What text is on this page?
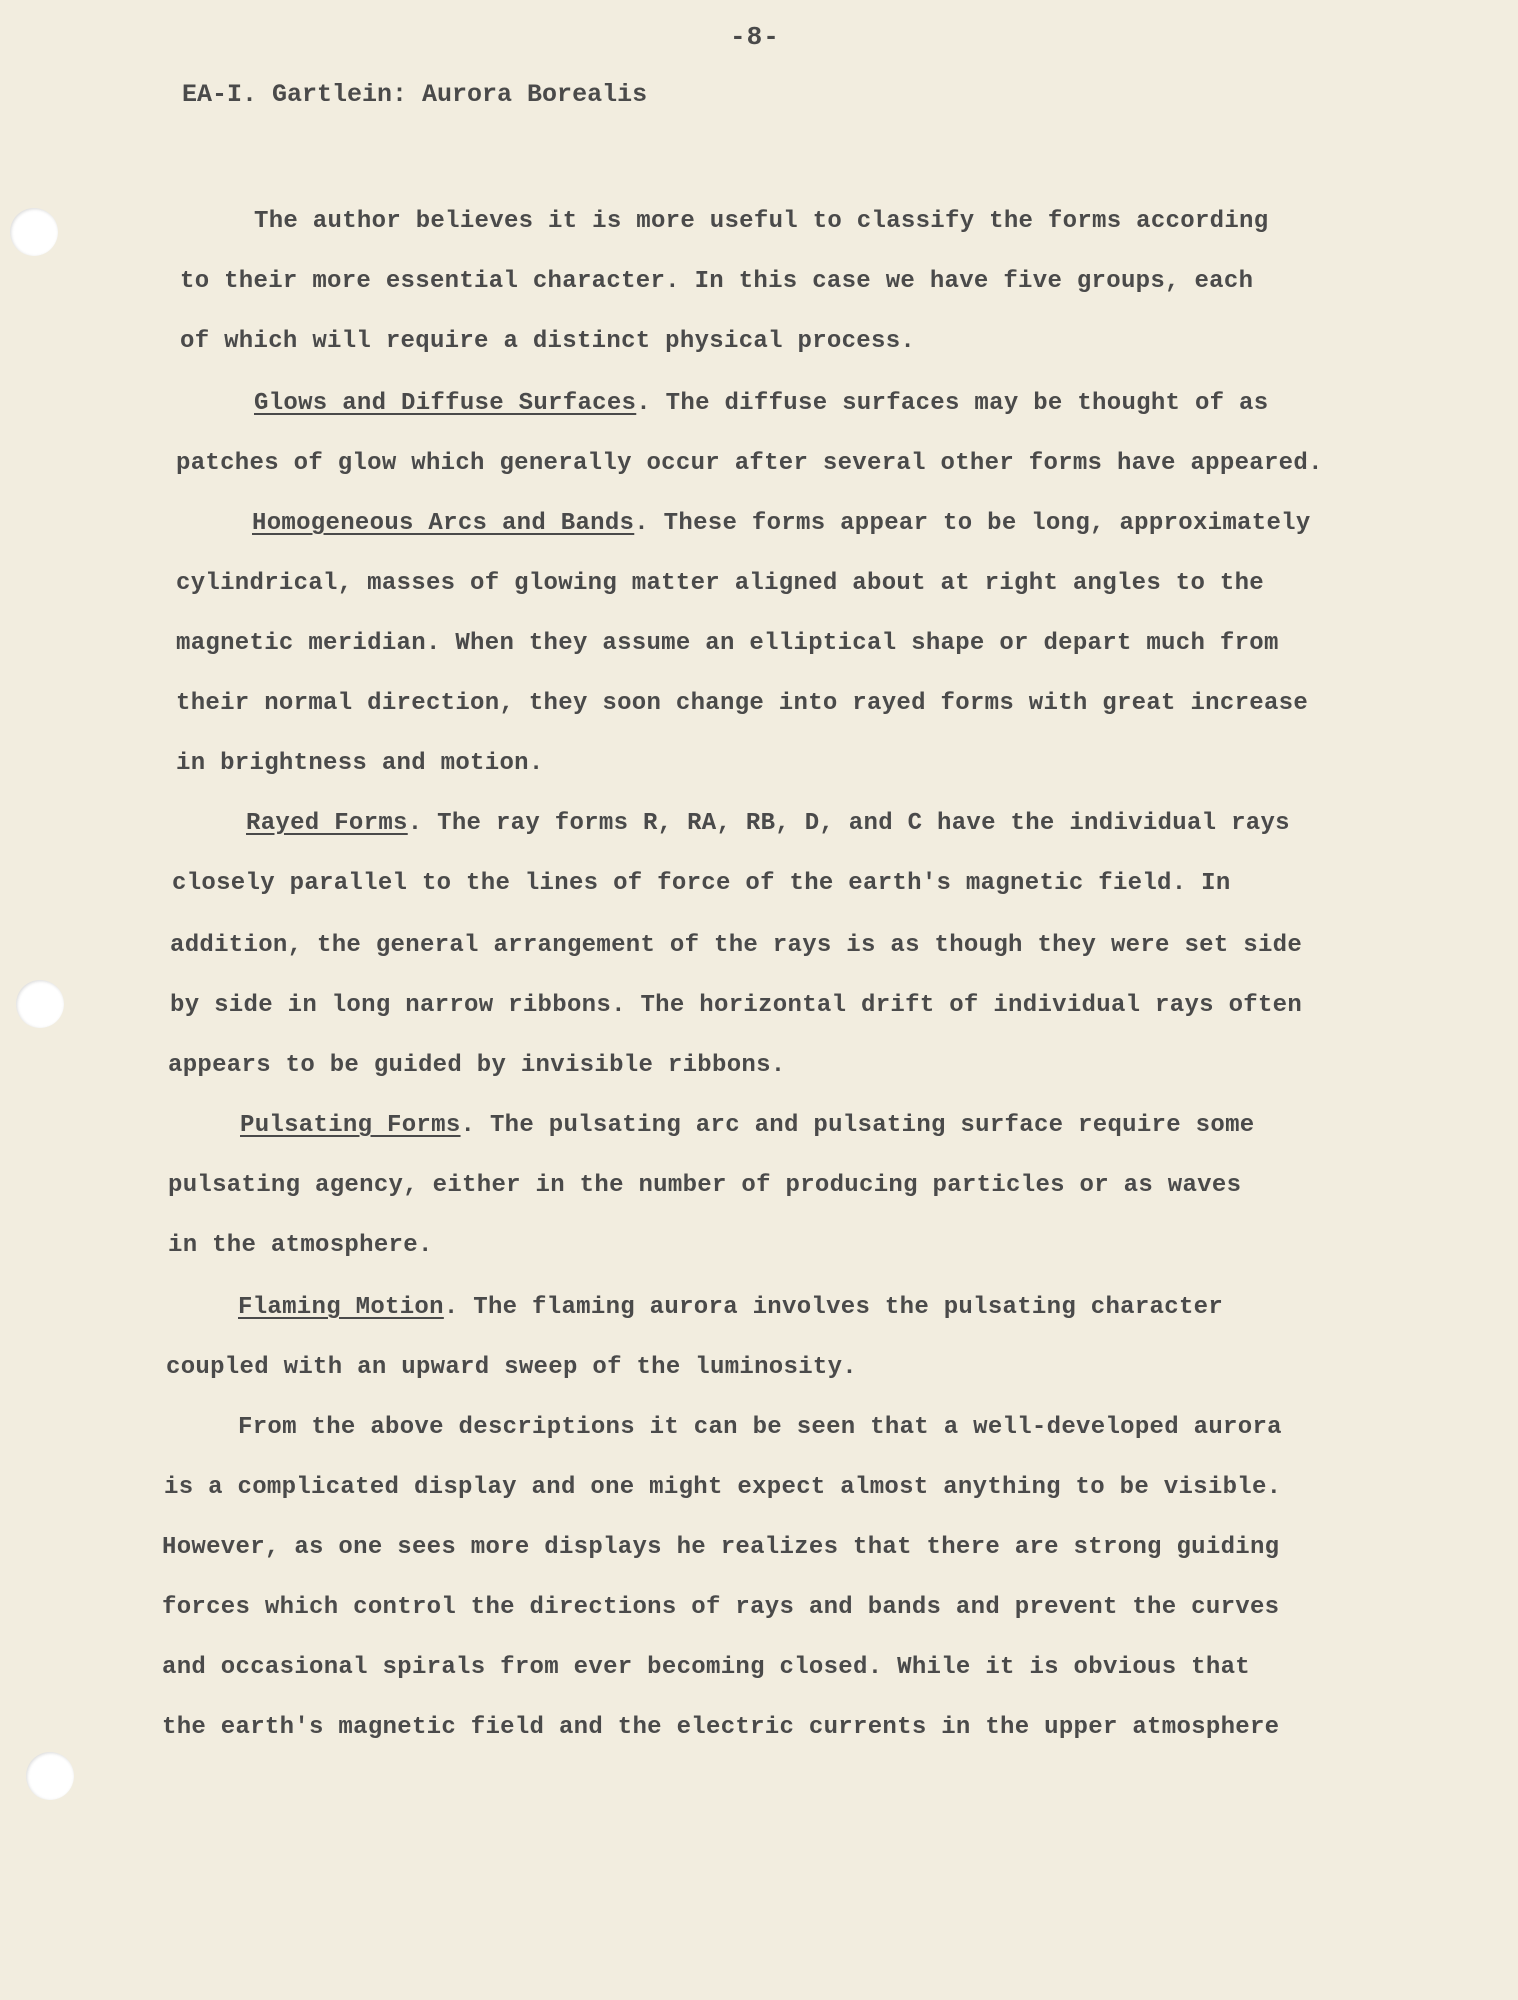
-8-
EA-I. Gartlein: Aurora Borealis
The author believes it is more useful to classify the forms according
to their more essential character. In this case we have five groups, each
of which will require a distinct physical process.
Glows and Diffuse Surfaces. The diffuse surfaces may be thought of as
patches of glow which generally occur after several other forms have appeared.
Homogeneous Arcs and Bands. These forms appear to be long, approximately
cylindrical, masses of glowing matter aligned about at right angles to the
magnetic meridian. When they assume an elliptical shape or depart much from
their normal direction, they soon change into rayed forms with great increase
in brightness and motion.
Rayed Forms. The ray forms R, RA, RB, D, and C have the individual rays
closely parallel to the lines of force of the earth's magnetic field. In
addition, the general arrangement of the rays is as though they were set side
by side in long narrow ribbons. The horizontal drift of individual rays often
appears to be guided by invisible ribbons.
Pulsating Forms. The pulsating arc and pulsating surface require some
pulsating agency, either in the number of producing particles or as waves
in the atmosphere.
Flaming Motion. The flaming aurora involves the pulsating character
coupled with an upward sweep of the luminosity.
From the above descriptions it can be seen that a well-developed aurora
is a complicated display and one might expect almost anything to be visible.
However, as one sees more displays he realizes that there are strong guiding
forces which control the directions of rays and bands and prevent the curves
and occasional spirals from ever becoming closed. While it is obvious that
the earth's magnetic field and the electric currents in the upper atmosphere
